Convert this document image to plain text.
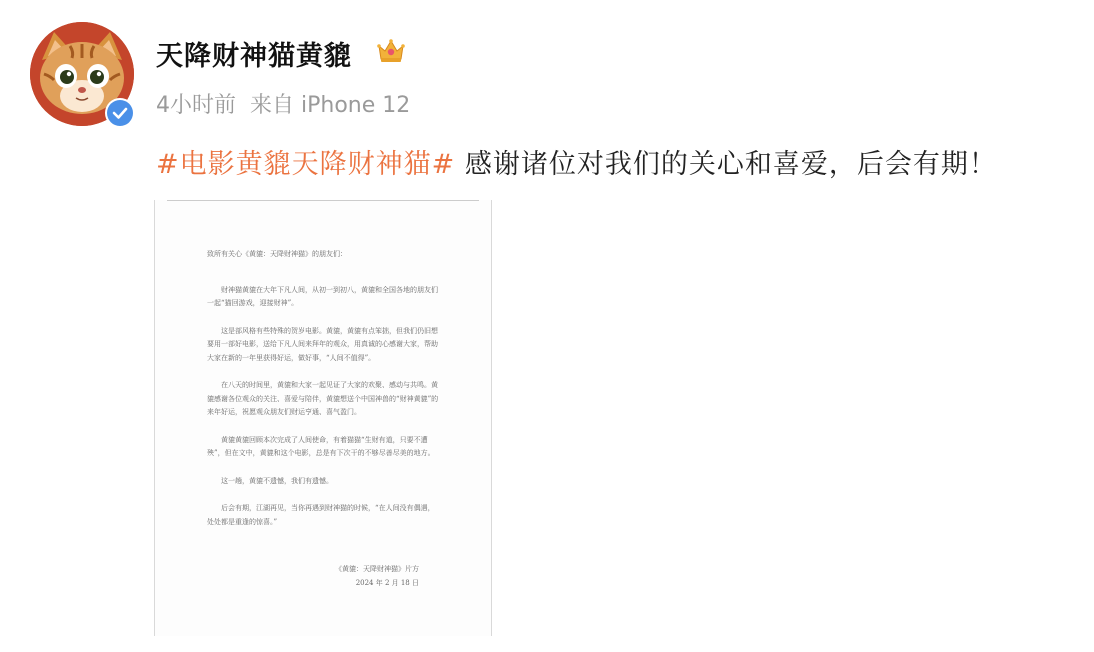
天降财神猫黄貔
4小时前 来自 iPhone 12
#电影黄貔天降财神猫# 感谢诸位对我们的关心和喜爱，后会有期！

致所有关心《黄貔：天降财神猫》的朋友们：

财神猫黄貔在大年下凡人间，从初一到初八，黄貔和全国各地的朋友们一起“猫回游戏，迎接财神”。

这是部风格有些特殊的贺岁电影。黄貔，黄貔有点笨拙，但我们仍旧想要用一部好电影，送给下凡人间来拜年的观众，用真诚的心感谢大家，帮助大家在新的一年里获得好运，做好事，“人间不值得”。

在八天的时间里，黄貔和大家一起见证了大家的欢聚、感动与共鸣。黄貔感谢各位观众的关注、喜爱与陪伴，黄貔想送个中国神兽的“财神黄貔”的来年好运，祝愿观众朋友们财运亨通、喜气盈门。

黄貔黄貔回顾本次完成了人间使命，有着猫猫“生财有道，只要不遭殃”，但在文中，黄貔和这个电影，总是有下次干的不够尽善尽美的地方。

这一趟，黄貔不遗憾，我们有遗憾。

后会有期，江湖再见，当你再遇到财神猫的时候，“在人间没有偶遇，处处都是重逢的惊喜。”

《黄貔：天降财神猫》片方

2024 年 2 月 18 日
